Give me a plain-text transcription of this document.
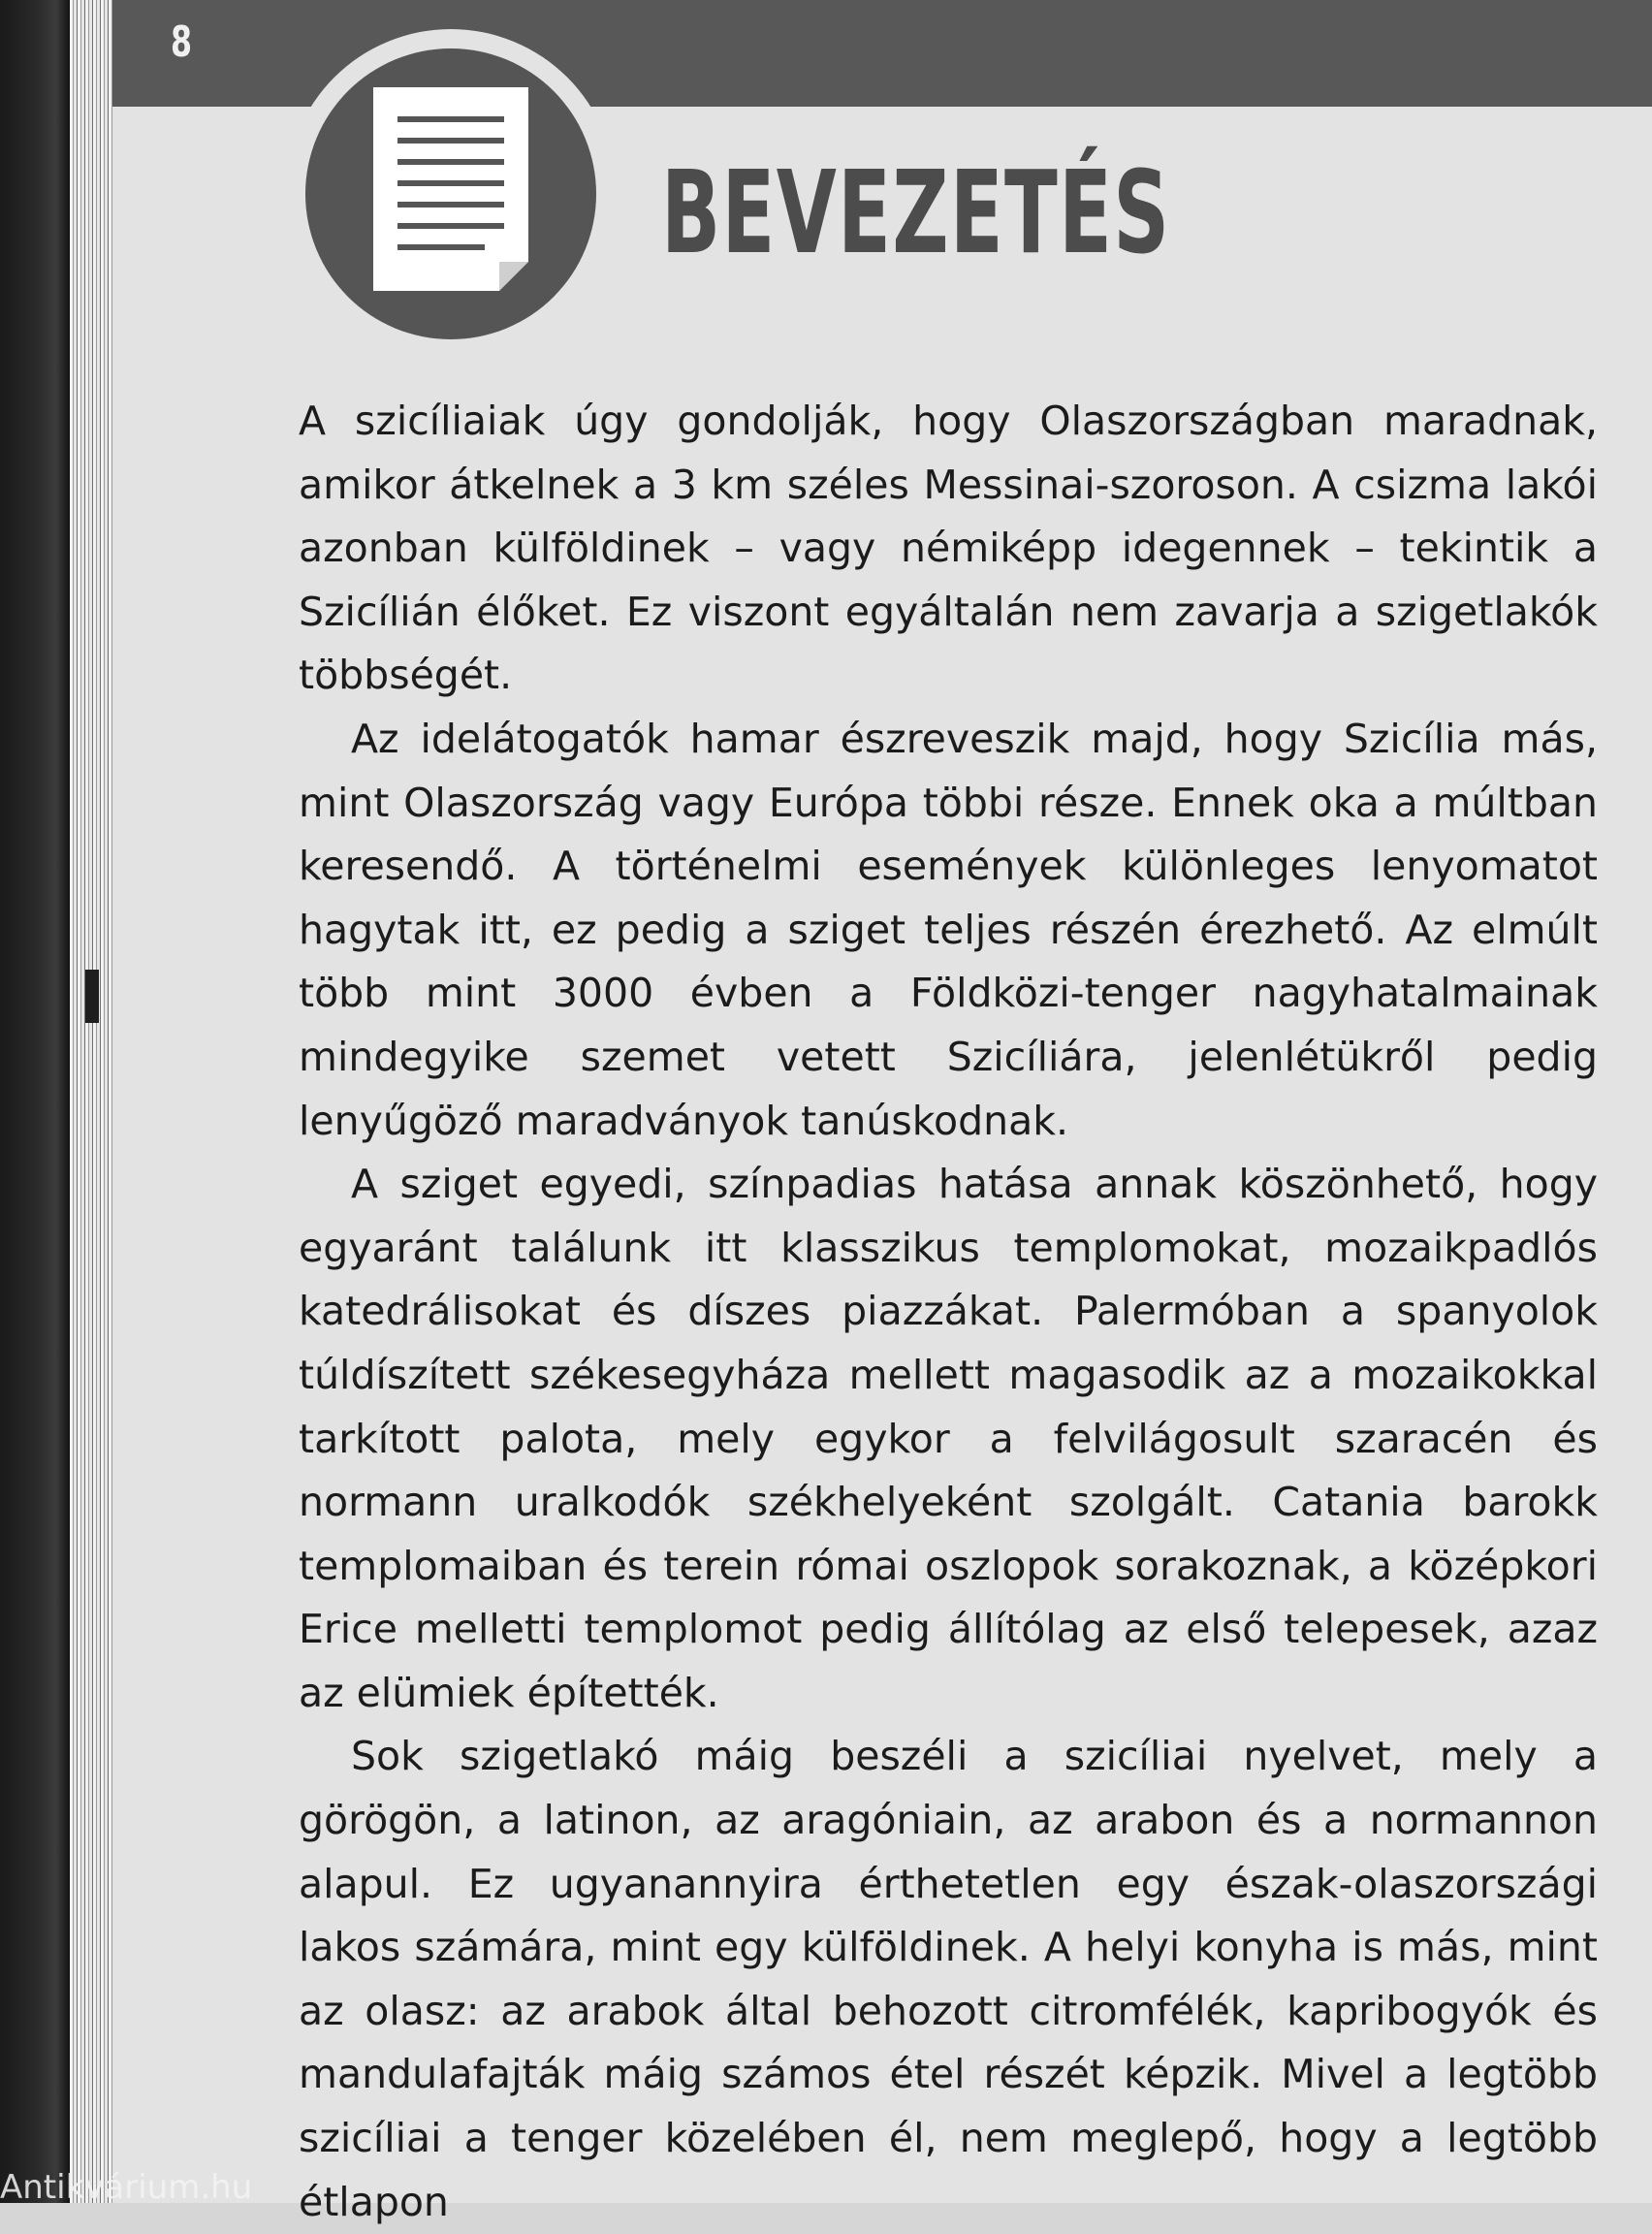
8
BEVEZETÉS

A szicíliaiak úgy gondolják, hogy Olaszországban maradnak, amikor átkelnek a 3 km széles Messinai-szoroson. A csizma lakói azonban külföldinek – vagy némiképp idegennek – tekintik a Szicílián élőket. Ez viszont egyáltalán nem zavarja a szigetlakók többségét.

Az idelátogatók hamar észreveszik majd, hogy Szicília más, mint Olaszország vagy Európa többi része. Ennek oka a múltban keresendő. A történelmi események különleges lenyomatot hagytak itt, ez pedig a sziget teljes részén érezhető. Az elmúlt több mint 3000 évben a Földközi-tenger nagyhatalmainak mindegyike szemet vetett Szicíliára, jelenlétükről pedig lenyűgöző maradványok tanúskodnak.

A sziget egyedi, színpadias hatása annak köszönhető, hogy egyaránt találunk itt klasszikus templomokat, mozaikpadlós katedrálisokat és díszes piazzákat. Palermóban a spanyolok túldíszített székesegyháza mellett magasodik az a mozaikokkal tarkított palota, mely egykor a felvilágosult szaracén és normann uralkodók székhelyeként szolgált. Catania barokk templomaiban és terein római oszlopok sorakoznak, a középkori Erice melletti templomot pedig állítólag az első telepesek, azaz az elümiek építették.

Sok szigetlakó máig beszéli a szicíliai nyelvet, mely a görögön, a latinon, az aragóniain, az arabon és a normannon alapul. Ez ugyanannyira érthetetlen egy észak-olaszországi lakos számára, mint egy külföldinek. A helyi konyha is más, mint az olasz: az arabok által behozott citromfélék, kapribogyók és mandulafajták máig számos étel részét képzik. Mivel a legtöbb szicíliai a tenger közelében él, nem meglepő, hogy a legtöbb étlapon

Antikvárium.hu
